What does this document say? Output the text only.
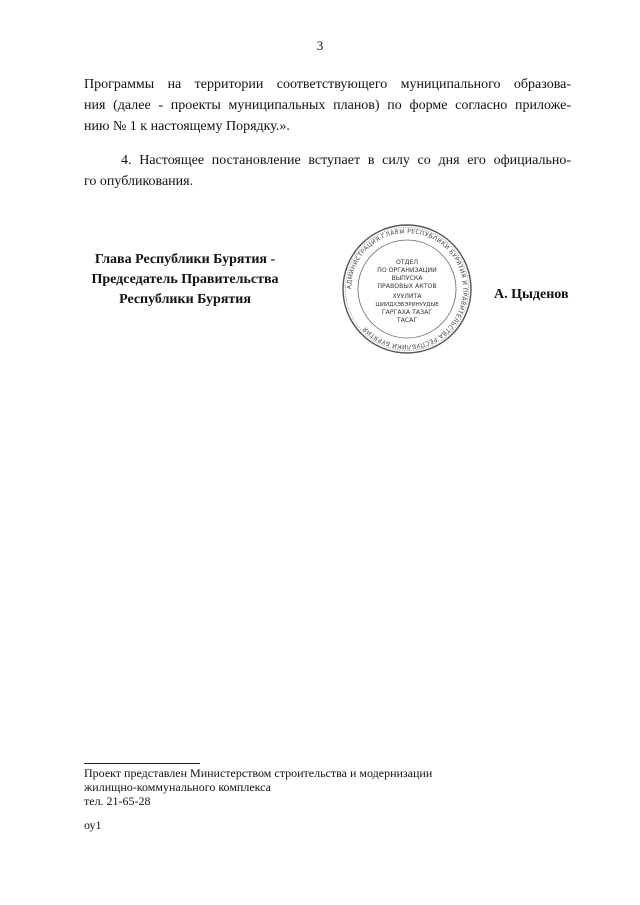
3
Программы на территории соответствующего муниципального образова-
ния (далее - проекты муниципальных планов) по форме согласно приложе-
нию № 1 к настоящему Порядку.».
4. Настоящее постановление вступает в силу со дня его официально-
го опубликования.
Глава Республики Бурятия -
Председатель Правительства
Республики Бурятия
АДМИНИСТРАЦИЯ ГЛАВЫ РЕСПУБЛИКИ БУРЯТИЯ И ПРАВИТЕЛЬСТВА РЕСПУБЛИКИ БУРЯТИЯ
ОТДЕЛ
ПО ОРГАНИЗАЦИИ
ВЫПУСКА
ПРАВОВЫХ АКТОВ
ХУУЛИТА
ШИИДХЭБЭРИНУУДЫЕ
ГАРГАХА ТАЗАГ
ТАСАГ
А. Цыденов
Проект представлен Министерством строительства и модернизации
жилищно-коммунального комплекса
тел. 21-65-28
оу1
